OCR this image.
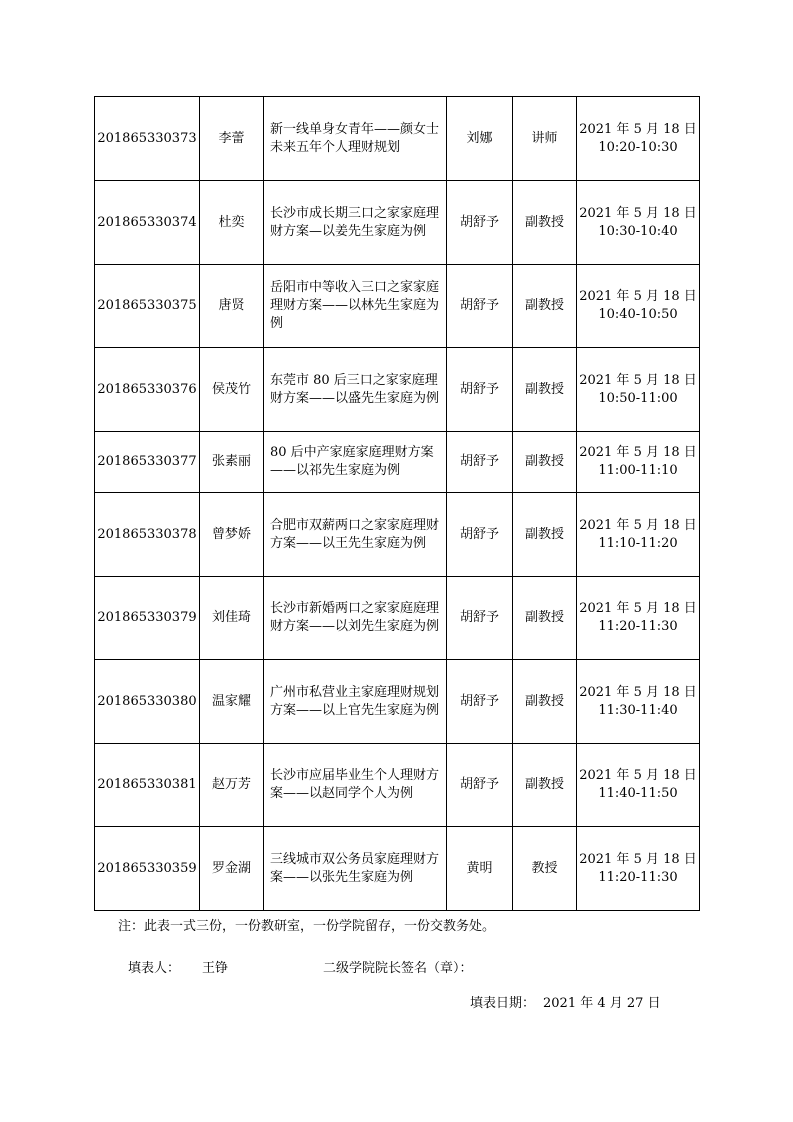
201865330373	李蕾	新一线单身女青年——颜女士未来五年个人理财规划	刘娜	讲师	2021 年 5 月 18 日
10:20-10:30

201865330374	杜奕	长沙市成长期三口之家家庭理财方案—以姜先生家庭为例	胡舒予	副教授	2021 年 5 月 18 日
10:30-10:40

201865330375	唐贤	岳阳市中等收入三口之家家庭理财方案——以林先生家庭为例	胡舒予	副教授	2021 年 5 月 18 日
10:40-10:50

201865330376	侯茂竹	东莞市 80 后三口之家家庭理财方案——以盛先生家庭为例	胡舒予	副教授	2021 年 5 月 18 日
10:50-11:00

201865330377	张素丽	80 后中产家庭家庭理财方案——以祁先生家庭为例	胡舒予	副教授	2021 年 5 月 18 日
11:00-11:10

201865330378	曾梦娇	合肥市双薪两口之家家庭理财方案——以王先生家庭为例	胡舒予	副教授	2021 年 5 月 18 日
11:10-11:20

201865330379	刘佳琦	长沙市新婚两口之家家庭庭理财方案——以刘先生家庭为例	胡舒予	副教授	2021 年 5 月 18 日
11:20-11:30

201865330380	温家耀	广州市私营业主家庭理财规划方案——以上官先生家庭为例	胡舒予	副教授	2021 年 5 月 18 日
11:30-11:40

201865330381	赵万芳	长沙市应届毕业生个人理财方案——以赵同学个人为例	胡舒予	副教授	2021 年 5 月 18 日
11:40-11:50

201865330359	罗金湖	三线城市双公务员家庭理财方案——以张先生家庭为例	黄明	教授	2021 年 5 月 18 日
11:20-11:30
注：此表一式三份，一份教研室，一份学院留存，一份交教务处。
填表人： 王铮	二级学院院长签名（章）：
填表日期： 2021 年 4 月 27 日
